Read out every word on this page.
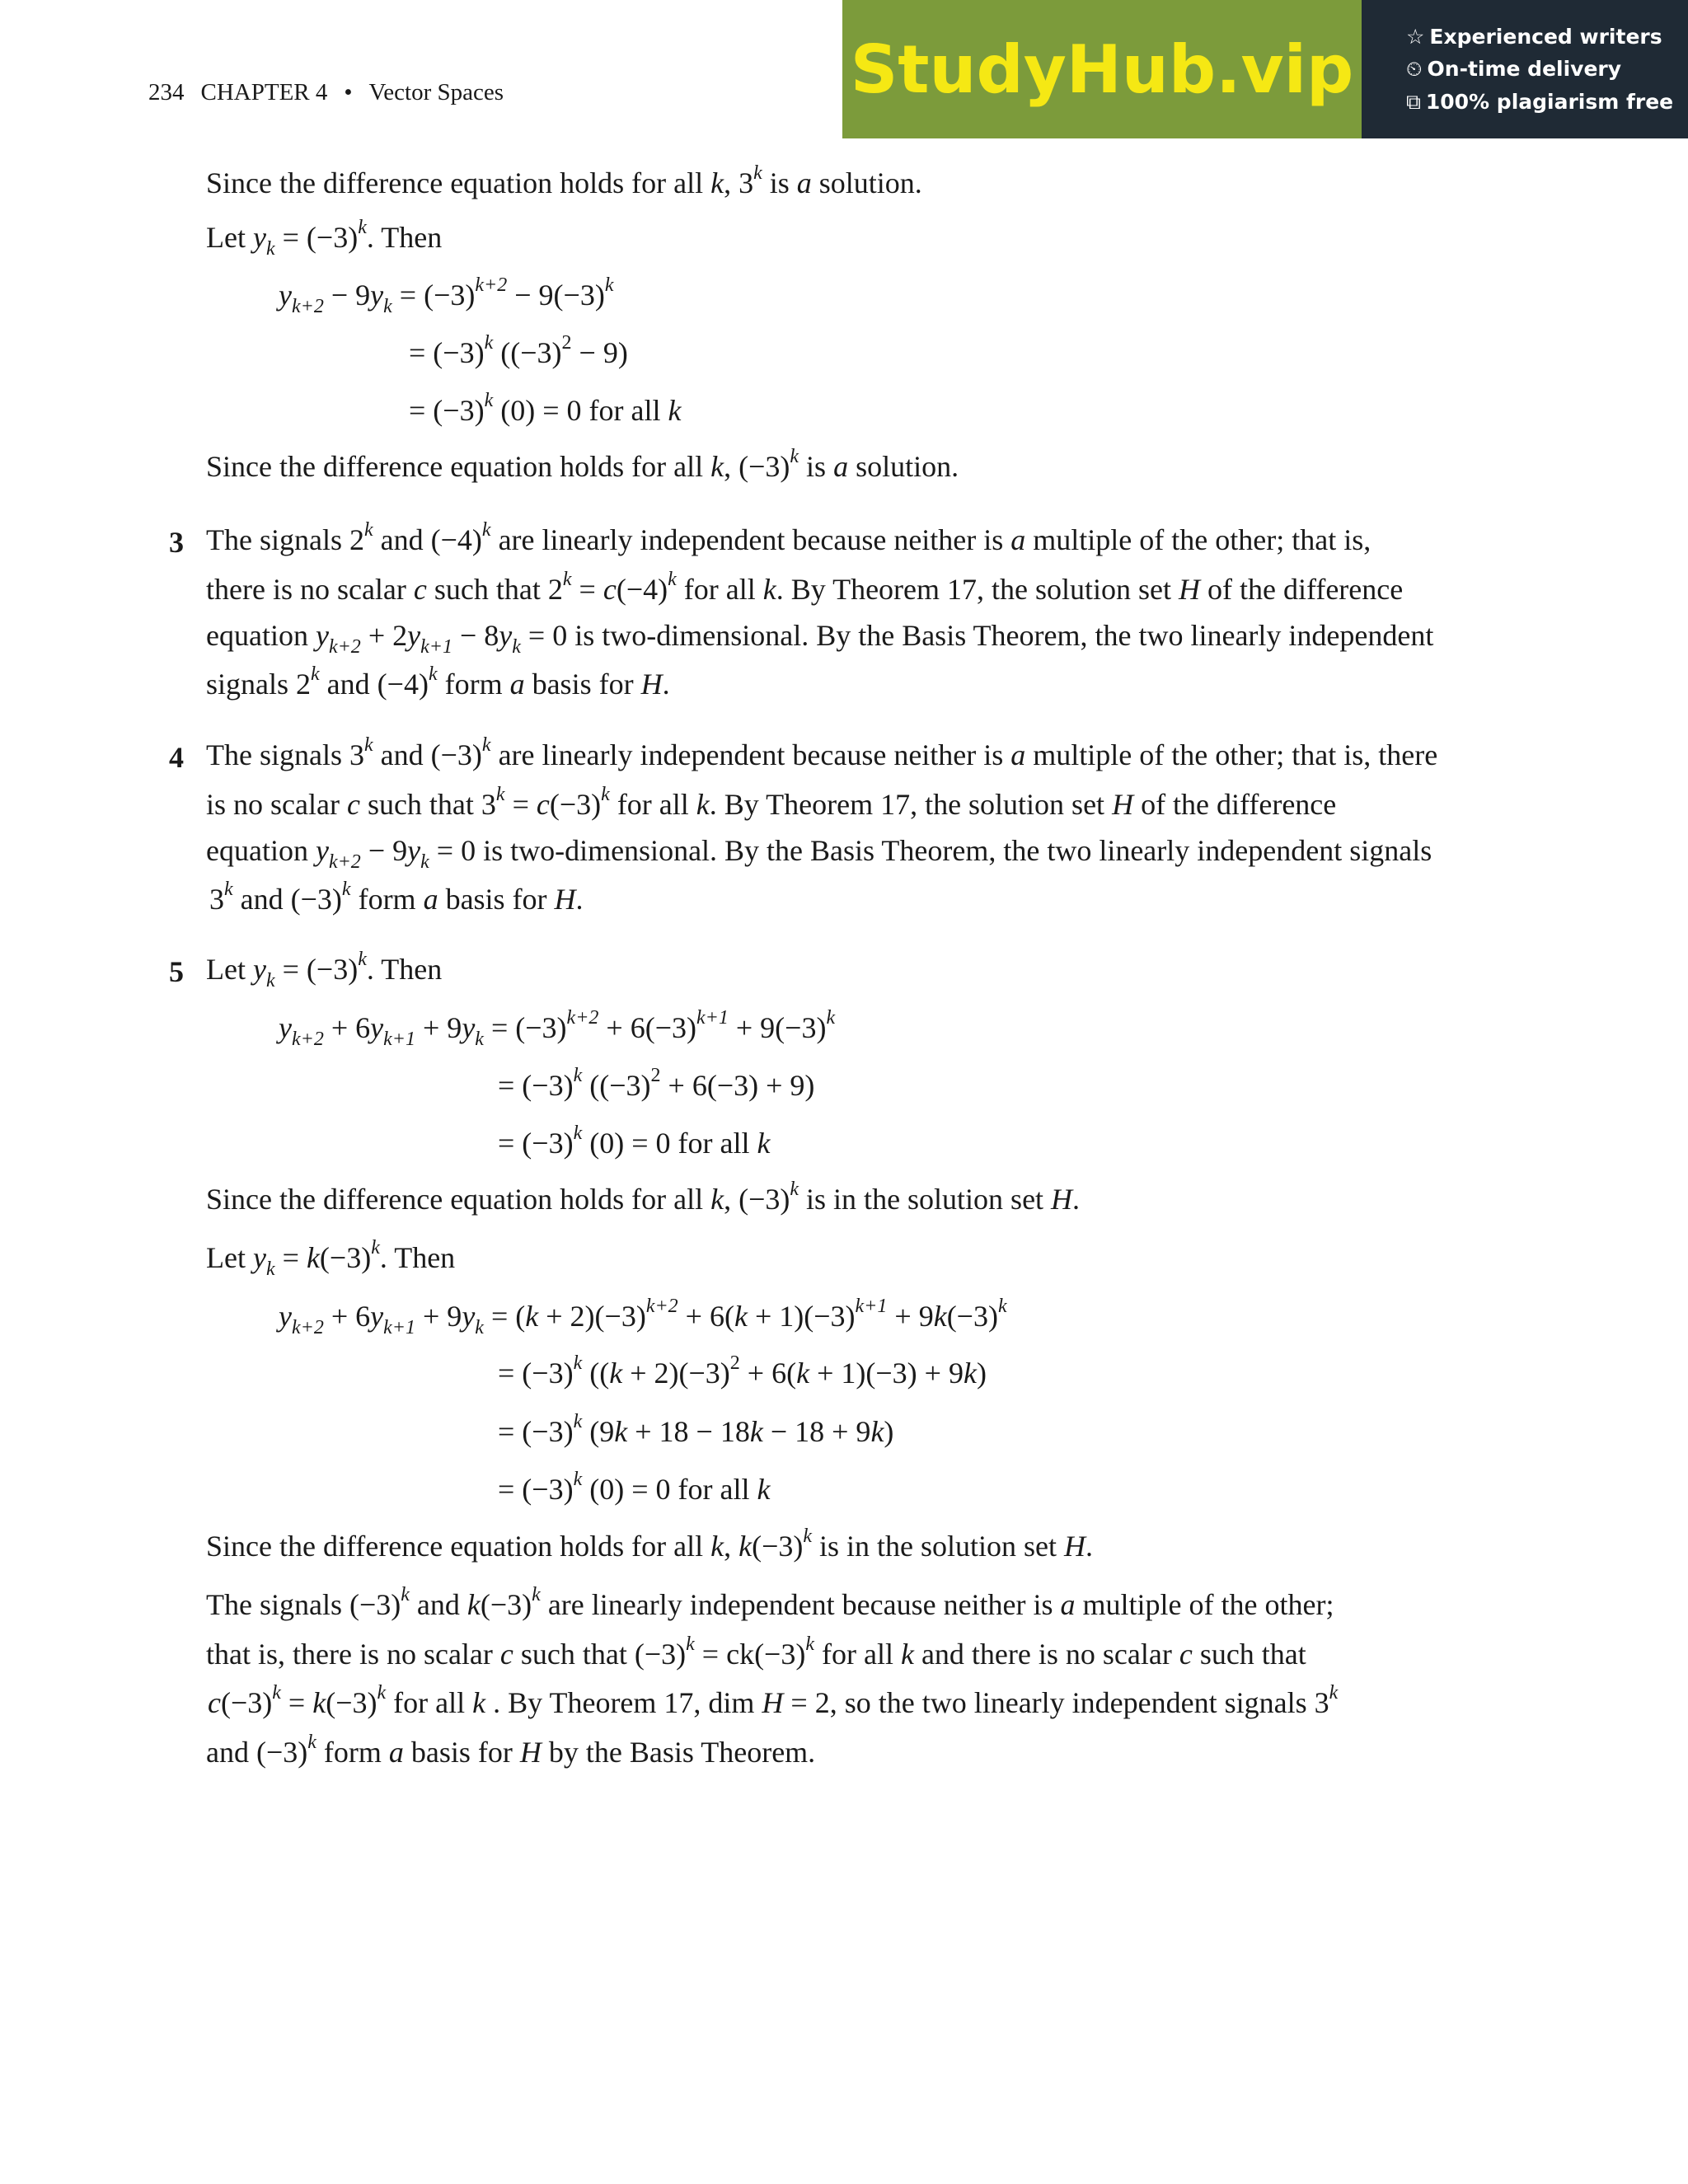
StudyHub.vip	☆ Experienced writers
⏲ On-time delivery
⧉ 100% plagiarism free
234 CHAPTER 4 • Vector Spaces
Since the difference equation holds for all k, 3$^k$ is a solution.
Let $y_k = (-3)^k$. Then
$y_{k+2} - 9y_k = (-3)^{k+2} - 9(-3)^k$
= $(-3)^k$ $((-3)^2 - 9)$
= $(-3)^k$ (0) = 0 for all k
Since the difference equation holds for all k, $(-3)^k$ is a solution.
3 The signals 2$^k$ and $(-4)^k$ are linearly independent because neither is a multiple of the other; that is,
there is no scalar c such that $2^k = c(-4)^k$ for all k. By Theorem 17, the solution set H of the difference
equation $y_{k+2} + 2y_{k+1} - 8y_k = 0$ is two-dimensional. By the Basis Theorem, the two linearly independent
signals 2$^k$ and $(-4)^k$ form a basis for H.
4 The signals 3$^k$ and $(-3)^k$ are linearly independent because neither is a multiple of the other; that is, there
is no scalar c such that $3^k = c(-3)^k$ for all k. By Theorem 17, the solution set H of the difference
equation $y_{k+2} - 9y_k = 0$ is two-dimensional. By the Basis Theorem, the two linearly independent signals
3$^k$ and $(-3)^k$ form a basis for H.
5 Let $y_k = (-3)^k$. Then
$y_{k+2} + 6y_{k+1} + 9y_k = (-3)^{k+2} + 6(-3)^{k+1} + 9(-3)^k$
= $(-3)^k$ $((-3)^2 + 6(-3) + 9)$
= $(-3)^k$ (0) = 0 for all k
Since the difference equation holds for all k, $(-3)^k$ is in the solution set H.
Let $y_k = k(-3)^k$. Then
$y_{k+2} + 6y_{k+1} + 9y_k = (k + 2)(-3)^{k+2} + 6(k + 1)(-3)^{k+1} + 9k(-3)^k$
= $(-3)^k$ $((k + 2)(-3)^2 + 6(k + 1)(-3) + 9k)$
= $(-3)^k$ (9k + 18 − 18k − 18 + 9k)
= $(-3)^k$ (0) = 0 for all k
Since the difference equation holds for all k, $k(-3)^k$ is in the solution set H.
The signals $(-3)^k$ and $k(-3)^k$ are linearly independent because neither is a multiple of the other;
that is, there is no scalar c such that $(-3)^k = ck(-3)^k$ for all k and there is no scalar c such that
$c(-3)^k = k(-3)^k$ for all k . By Theorem 17, dim H = 2, so the two linearly independent signals 3$^k$
and $(-3)^k$ form a basis for H by the Basis Theorem.
